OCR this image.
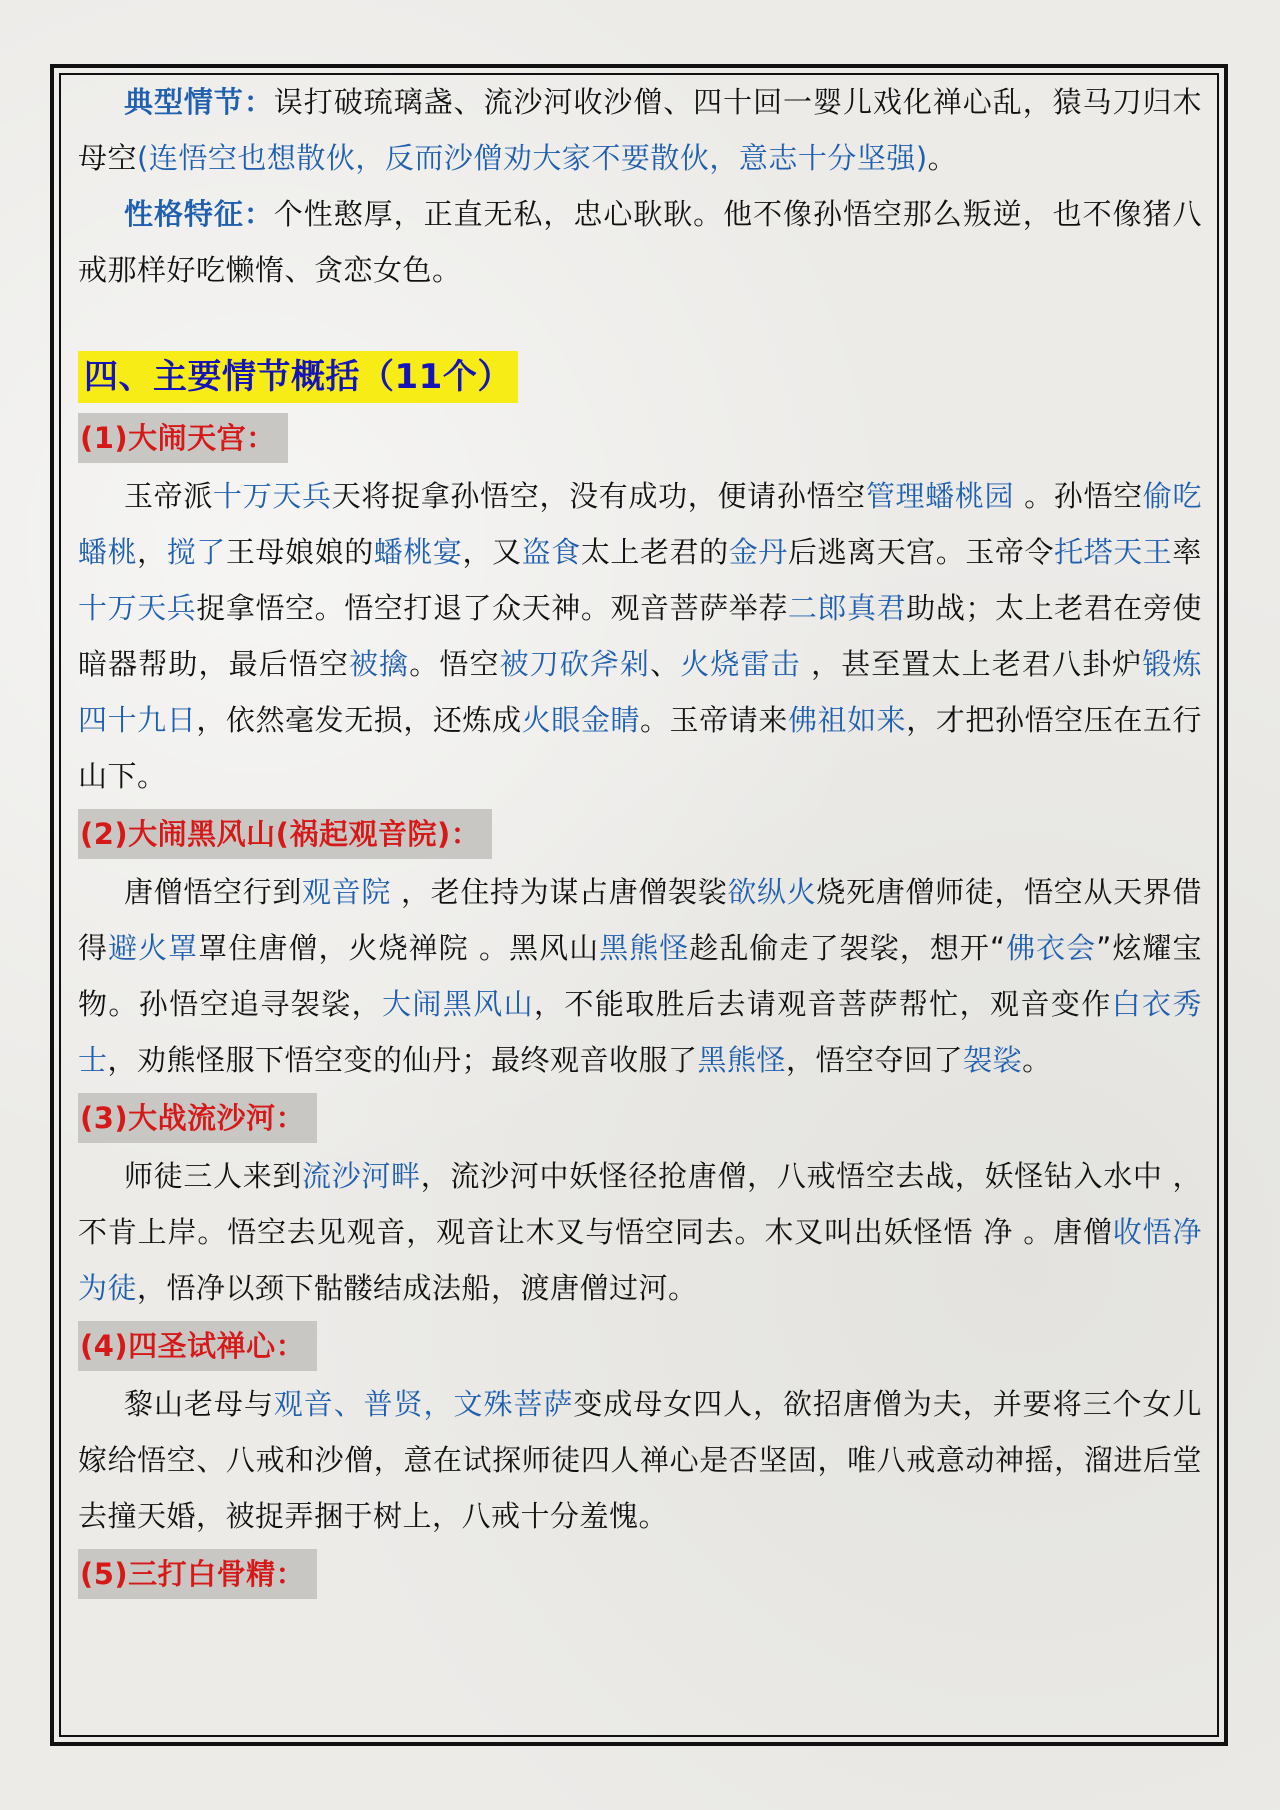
典型情节：误打破琉璃盏、流沙河收沙僧、四十回一婴儿戏化禅心乱，猿马刀归木母空(连悟空也想散伙，反而沙僧劝大家不要散伙，意志十分坚强)。

性格特征：个性憨厚，正直无私，忠心耿耿。他不像孙悟空那么叛逆，也不像猪八戒那样好吃懒惰、贪恋女色。

四、主要情节概括（11个）
(1)大闹天宫：

玉帝派十万天兵天将捉拿孙悟空，没有成功，便请孙悟空管理蟠桃园 。孙悟空偷吃蟠桃，搅了王母娘娘的蟠桃宴，又盗食太上老君的金丹后逃离天宫。玉帝令托塔天王率十万天兵捉拿悟空。悟空打退了众天神。观音菩萨举荐二郎真君助战；太上老君在旁使暗器帮助，最后悟空被擒。悟空被刀砍斧剁、火烧雷击 ，甚至置太上老君八卦炉锻炼四十九日，依然毫发无损，还炼成火眼金睛。玉帝请来佛祖如来，才把孙悟空压在五行山下。

(2)大闹黑风山(祸起观音院)：

唐僧悟空行到观音院 ，老住持为谋占唐僧袈裟欲纵火烧死唐僧师徒，悟空从天界借得避火罩罩住唐僧，火烧禅院 。黑风山黑熊怪趁乱偷走了袈裟，想开“佛衣会”炫耀宝物。孙悟空追寻袈裟，大闹黑风山，不能取胜后去请观音菩萨帮忙，观音变作白衣秀士，劝熊怪服下悟空变的仙丹；最终观音收服了黑熊怪，悟空夺回了袈裟。

(3)大战流沙河：

师徒三人来到流沙河畔，流沙河中妖怪径抢唐僧，八戒悟空去战，妖怪钻入水中 ，不肯上岸。悟空去见观音，观音让木叉与悟空同去。木叉叫出妖怪悟 净 。唐僧收悟净为徒，悟净以颈下骷髅结成法船，渡唐僧过河。

(4)四圣试禅心：

黎山老母与观音、普贤，文殊菩萨变成母女四人，欲招唐僧为夫，并要将三个女儿嫁给悟空、八戒和沙僧，意在试探师徒四人禅心是否坚固，唯八戒意动神摇，溜进后堂去撞天婚，被捉弄捆于树上，八戒十分羞愧。

(5)三打白骨精：
